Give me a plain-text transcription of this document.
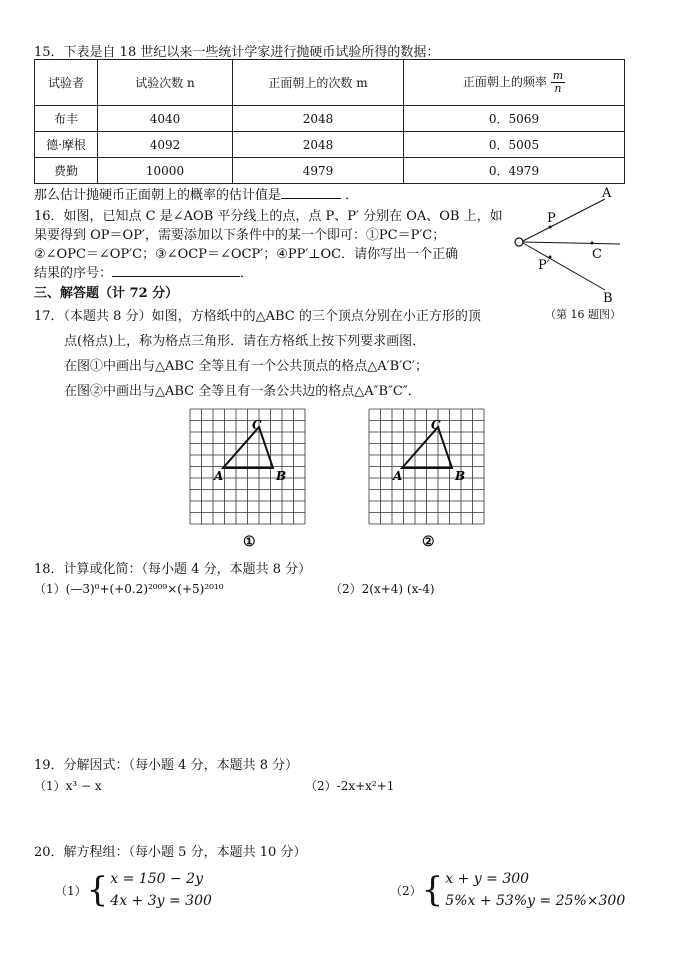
15．下表是自 18 世纪以来一些统计学家进行抛硬币试验所得的数据：
试验者	试验次数 n	正面朝上的次数 m	正面朝上的频率 $\frac{m}{n}$

布丰	4040	2048	0．5069
德·摩根	4092	2048	0．5005
费勤	10000	4979	0．4979
那么估计抛硬币正面朝上的概率的估计值是	．
16．如图，已知点 C 是∠AOB 平分线上的点，点 P、P′ 分别在 OA、OB 上，如
果要得到 OP＝OP′，需要添加以下条件中的某一个即可：①PC＝P′C；
②∠OPC＝∠OP′C；③∠OCP＝∠OCP′；④PP′⊥OC．请你写出一个正确
结果的序号：	．
A
P
C
P′
B
（第 16 题图）
三、解答题（计 72 分）
17．（本题共 8 分）如图，方格纸中的△ABC 的三个顶点分别在小正方形的顶
点(格点)上，称为格点三角形．请在方格纸上按下列要求画图．
在图①中画出与△ABC 全等且有一个公共顶点的格点△A′B′C′；
在图②中画出与△ABC 全等且有一条公共边的格点△A″B″C″．
A	B
C
A	B
C
①	②
18．计算或化简：（每小题 4 分，本题共 8 分）
（1）(—3)⁰+(+0.2)²⁰⁰⁹×(+5)²⁰¹⁰	（2）2(x+4) (x-4)
19．分解因式：（每小题 4 分，本题共 8 分）
（1）x³ − x	（2）-2x+x²+1
20．解方程组：（每小题 5 分，本题共 10 分）
（1） { x = 150 − 2y
4x + 3y = 300
（2） { x + y = 300
5%x + 53%y = 25%×300
